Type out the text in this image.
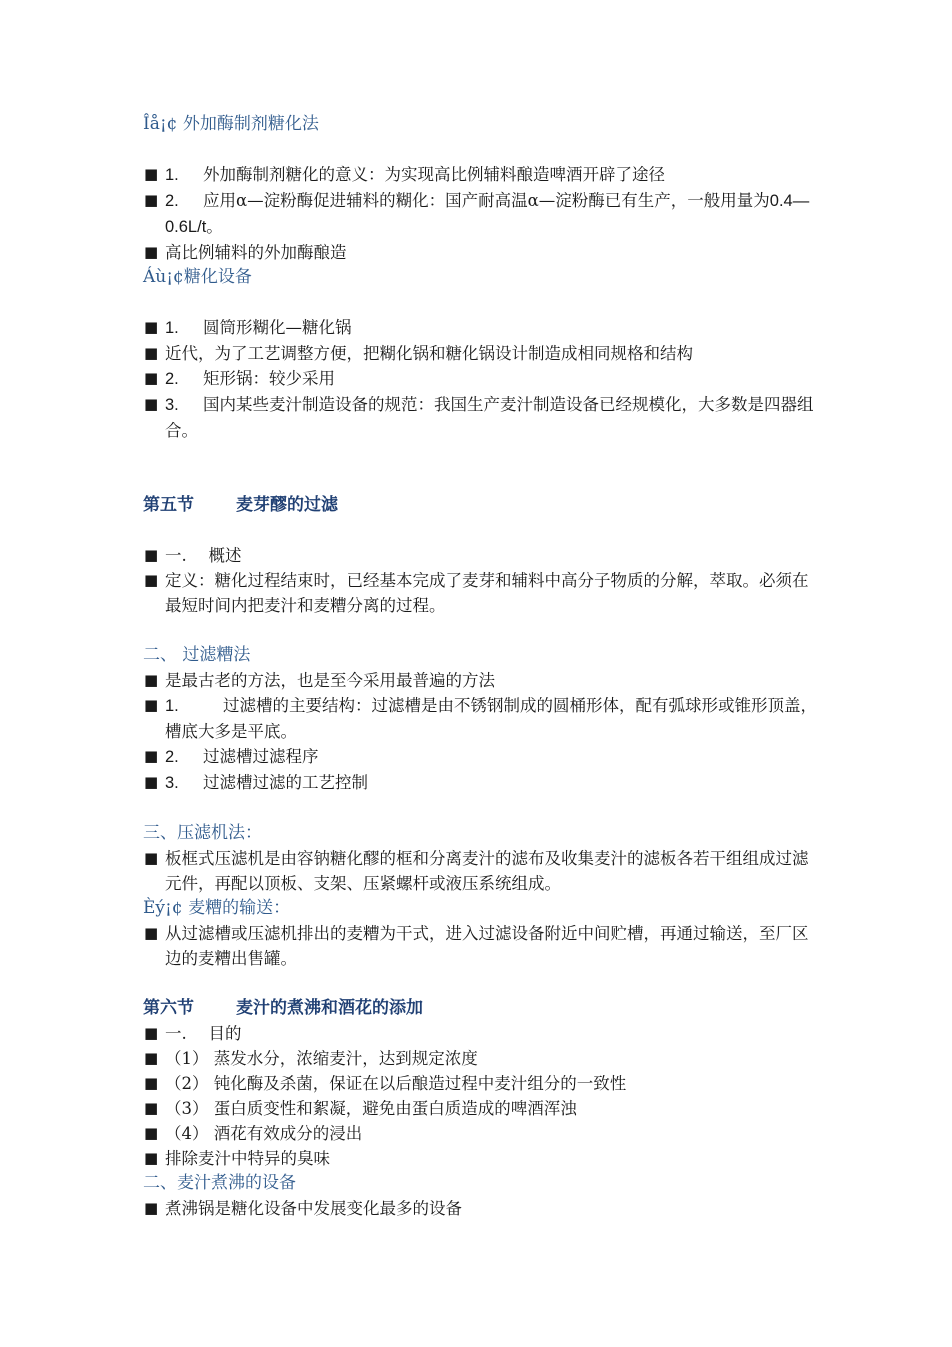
Îå¡¢ 外加酶制剂糖化法
■ 1. 外加酶制剂糖化的意义：为实现高比例辅料酿造啤酒开辟了途径
■ 2. 应用α—淀粉酶促进辅料的糊化：国产耐高温α—淀粉酶已有生产，一般用量为0.4—0.6L/t。
■ 高比例辅料的外加酶酿造
Áù¡¢糖化设备
■ 1. 圆筒形糊化—糖化锅
■ 近代，为了工艺调整方便，把糊化锅和糖化锅设计制造成相同规格和结构
■ 2. 矩形锅：较少采用
■ 3. 国内某些麦汁制造设备的规范：我国生产麦汁制造设备已经规模化，大多数是四器组合。
第五节 麦芽醪的过滤
■ 一.　 概述
■ 定义：糖化过程结束时，已经基本完成了麦芽和辅料中高分子物质的分解，萃取。必须在最短时间内把麦汁和麦糟分离的过程。
二、 过滤糟法
■ 是最古老的方法，也是至今采用最普遍的方法
■ 1.	过滤槽的主要结构：过滤槽是由不锈钢制成的圆桶形体，配有弧球形或锥形顶盖，槽底大多是平底。
■ 2. 过滤槽过滤程序
■ 3. 过滤槽过滤的工艺控制
三、压滤机法：
■ 板框式压滤机是由容钠糖化醪的框和分离麦汁的滤布及收集麦汁的滤板各若干组组成过滤元件，再配以顶板、支架、压紧螺杆或液压系统组成。
Èý¡¢ 麦糟的输送：
■ 从过滤槽或压滤机排出的麦糟为干式，进入过滤设备附近中间贮槽，再通过输送，至厂区边的麦糟出售罐。
第六节 麦汁的煮沸和酒花的添加
■ 一.　 目的
■ （1） 蒸发水分，浓缩麦汁，达到规定浓度
■ （2） 钝化酶及杀菌，保证在以后酿造过程中麦汁组分的一致性
■ （3） 蛋白质变性和絮凝，避免由蛋白质造成的啤酒浑浊
■ （4） 酒花有效成分的浸出
■ 排除麦汁中特异的臭味
二、麦汁煮沸的设备
■ 煮沸锅是糖化设备中发展变化最多的设备
